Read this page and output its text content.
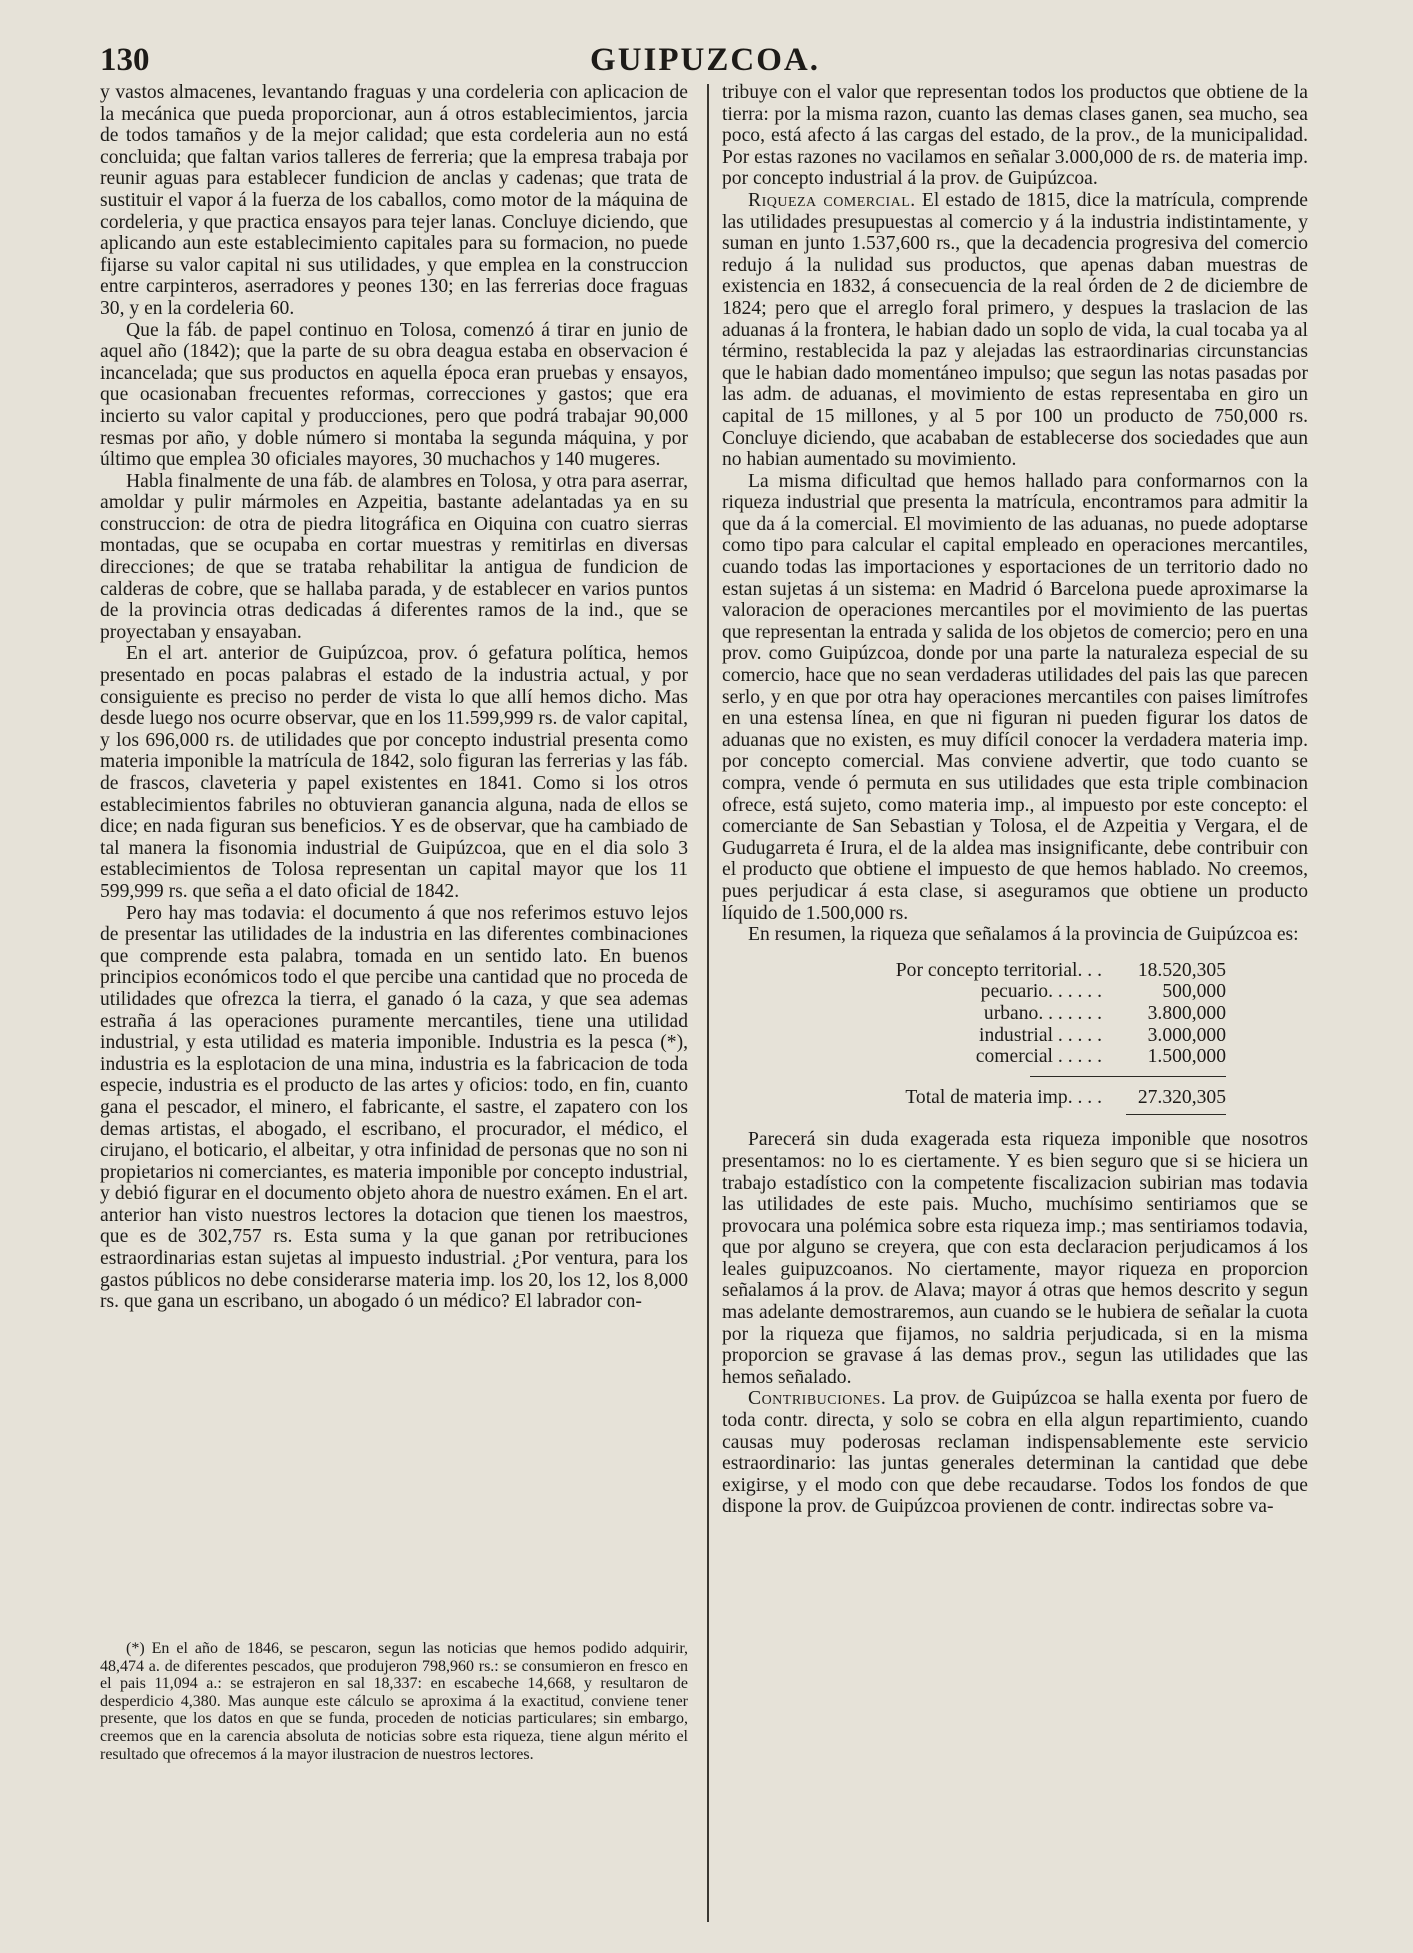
130	GUIPUZCOA.

y vastos almacenes, levantando fraguas y una cordeleria con aplicacion de la mecánica que pueda proporcionar, aun á otros establecimientos, jarcia de todos tamaños y de la mejor calidad; que esta cordeleria aun no está concluida; que faltan varios talleres de ferreria; que la empresa trabaja por reunir aguas para establecer fundicion de anclas y cadenas; que trata de sustituir el vapor á la fuerza de los caballos, como motor de la máquina de cordeleria, y que practica ensayos para tejer lanas. Concluye diciendo, que aplicando aun este establecimiento capitales para su formacion, no puede fijarse su valor capital ni sus utilidades, y que emplea en la construccion entre carpinteros, aserradores y peones 130; en las ferrerias doce fraguas 30, y en la cordeleria 60.

Que la fáb. de papel continuo en Tolosa, comenzó á tirar en junio de aquel año (1842); que la parte de su obra deagua estaba en observacion é incancelada; que sus productos en aquella época eran pruebas y ensayos, que ocasionaban frecuentes reformas, correcciones y gastos; que era incierto su valor capital y producciones, pero que podrá trabajar 90,000 resmas por año, y doble número si montaba la segunda máquina, y por último que emplea 30 oficiales mayores, 30 muchachos y 140 mugeres.

Habla finalmente de una fáb. de alambres en Tolosa, y otra para aserrar, amoldar y pulir mármoles en Azpeitia, bastante adelantadas ya en su construccion: de otra de piedra litográfica en Oiquina con cuatro sierras montadas, que se ocupaba en cortar muestras y remitirlas en diversas direcciones; de que se trataba rehabilitar la antigua de fundicion de calderas de cobre, que se hallaba parada, y de establecer en varios puntos de la provincia otras dedicadas á diferentes ramos de la ind., que se proyectaban y ensayaban.

En el art. anterior de Guipúzcoa, prov. ó gefatura política, hemos presentado en pocas palabras el estado de la industria actual, y por consiguiente es preciso no perder de vista lo que allí hemos dicho. Mas desde luego nos ocurre observar, que en los 11.599,999 rs. de valor capital, y los 696,000 rs. de utilidades que por concepto industrial presenta como materia imponible la matrícula de 1842, solo figuran las ferrerias y las fáb. de frascos, claveteria y papel existentes en 1841. Como si los otros establecimientos fabriles no obtuvieran ganancia alguna, nada de ellos se dice; en nada figuran sus beneficios. Y es de observar, que ha cambiado de tal manera la fisonomia industrial de Guipúzcoa, que en el dia solo 3 establecimientos de Tolosa representan un capital mayor que los 11 599,999 rs. que seña a el dato oficial de 1842.

Pero hay mas todavia: el documento á que nos referimos estuvo lejos de presentar las utilidades de la industria en las diferentes combinaciones que comprende esta palabra, tomada en un sentido lato. En buenos principios económicos todo el que percibe una cantidad que no proceda de utilidades que ofrezca la tierra, el ganado ó la caza, y que sea ademas estraña á las operaciones puramente mercantiles, tiene una utilidad industrial, y esta utilidad es materia imponible. Industria es la pesca (*), industria es la esplotacion de una mina, industria es la fabricacion de toda especie, industria es el producto de las artes y oficios: todo, en fin, cuanto gana el pescador, el minero, el fabricante, el sastre, el zapatero con los demas artistas, el abogado, el escribano, el procurador, el médico, el cirujano, el boticario, el albeitar, y otra infinidad de personas que no son ni propietarios ni comerciantes, es materia imponible por concepto industrial, y debió figurar en el documento objeto ahora de nuestro exámen. En el art. anterior han visto nuestros lectores la dotacion que tienen los maestros, que es de 302,757 rs. Esta suma y la que ganan por retribuciones estraordinarias estan sujetas al impuesto industrial. ¿Por ventura, para los gastos públicos no debe considerarse materia imp. los 20, los 12, los 8,000 rs. que gana un escribano, un abogado ó un médico? El labrador con-

(*) En el año de 1846, se pescaron, segun las noticias que hemos podido adquirir, 48,474 a. de diferentes pescados, que produjeron 798,960 rs.: se consumieron en fresco en el pais 11,094 a.: se estrajeron en sal 18,337: en escabeche 14,668, y resultaron de desperdicio 4,380. Mas aunque este cálculo se aproxima á la exactitud, conviene tener presente, que los datos en que se funda, proceden de noticias particulares; sin embargo, creemos que en la carencia absoluta de noticias sobre esta riqueza, tiene algun mérito el resultado que ofrecemos á la mayor ilustracion de nuestros lectores.

tribuye con el valor que representan todos los productos que obtiene de la tierra: por la misma razon, cuanto las demas clases ganen, sea mucho, sea poco, está afecto á las cargas del estado, de la prov., de la municipalidad. Por estas razones no vacilamos en señalar 3.000,000 de rs. de materia imp. por concepto industrial á la prov. de Guipúzcoa.

Riqueza comercial. El estado de 1815, dice la matrícula, comprende las utilidades presupuestas al comercio y á la industria indistintamente, y suman en junto 1.537,600 rs., que la decadencia progresiva del comercio redujo á la nulidad sus productos, que apenas daban muestras de existencia en 1832, á consecuencia de la real órden de 2 de diciembre de 1824; pero que el arreglo foral primero, y despues la traslacion de las aduanas á la frontera, le habian dado un soplo de vida, la cual tocaba ya al término, restablecida la paz y alejadas las estraordinarias circunstancias que le habian dado momentáneo impulso; que segun las notas pasadas por las adm. de aduanas, el movimiento de estas representaba en giro un capital de 15 millones, y al 5 por 100 un producto de 750,000 rs. Concluye diciendo, que acababan de establecerse dos sociedades que aun no habian aumentado su movimiento.

La misma dificultad que hemos hallado para conformarnos con la riqueza industrial que presenta la matrícula, encontramos para admitir la que da á la comercial. El movimiento de las aduanas, no puede adoptarse como tipo para calcular el capital empleado en operaciones mercantiles, cuando todas las importaciones y esportaciones de un territorio dado no estan sujetas á un sistema: en Madrid ó Barcelona puede aproximarse la valoracion de operaciones mercantiles por el movimiento de las puertas que representan la entrada y salida de los objetos de comercio; pero en una prov. como Guipúzcoa, donde por una parte la naturaleza especial de su comercio, hace que no sean verdaderas utilidades del pais las que parecen serlo, y en que por otra hay operaciones mercantiles con paises limítrofes en una estensa línea, en que ni figuran ni pueden figurar los datos de aduanas que no existen, es muy difícil conocer la verdadera materia imp. por concepto comercial. Mas conviene advertir, que todo cuanto se compra, vende ó permuta en sus utilidades que esta triple combinacion ofrece, está sujeto, como materia imp., al impuesto por este concepto: el comerciante de San Sebastian y Tolosa, el de Azpeitia y Vergara, el de Gudugarreta é Irura, el de la aldea mas insignificante, debe contribuir con el producto que obtiene el impuesto de que hemos hablado. No creemos, pues perjudicar á esta clase, si aseguramos que obtiene un producto líquido de 1.500,000 rs.

En resumen, la riqueza que señalamos á la provincia de Guipúzcoa es:

Por concepto territorial. . .	18.520,305
pecuario. . . . . .	500,000
urbano. . . . . . .	3.800,000
industrial . . . . .	3.000,000
comercial . . . . .	1.500,000
Total de materia imp. . . .	27.320,305

Parecerá sin duda exagerada esta riqueza imponible que nosotros presentamos: no lo es ciertamente. Y es bien seguro que si se hiciera un trabajo estadístico con la competente fiscalizacion subirian mas todavia las utilidades de este pais. Mucho, muchísimo sentiriamos que se provocara una polémica sobre esta riqueza imp.; mas sentiriamos todavia, que por alguno se creyera, que con esta declaracion perjudicamos á los leales guipuzcoanos. No ciertamente, mayor riqueza en proporcion señalamos á la prov. de Alava; mayor á otras que hemos descrito y segun mas adelante demostraremos, aun cuando se le hubiera de señalar la cuota por la riqueza que fijamos, no saldria perjudicada, si en la misma proporcion se gravase á las demas prov., segun las utilidades que las hemos señalado.

Contribuciones. La prov. de Guipúzcoa se halla exenta por fuero de toda contr. directa, y solo se cobra en ella algun repartimiento, cuando causas muy poderosas reclaman indispensablemente este servicio estraordinario: las juntas generales determinan la cantidad que debe exigirse, y el modo con que debe recaudarse. Todos los fondos de que dispone la prov. de Guipúzcoa provienen de contr. indirectas sobre va-
